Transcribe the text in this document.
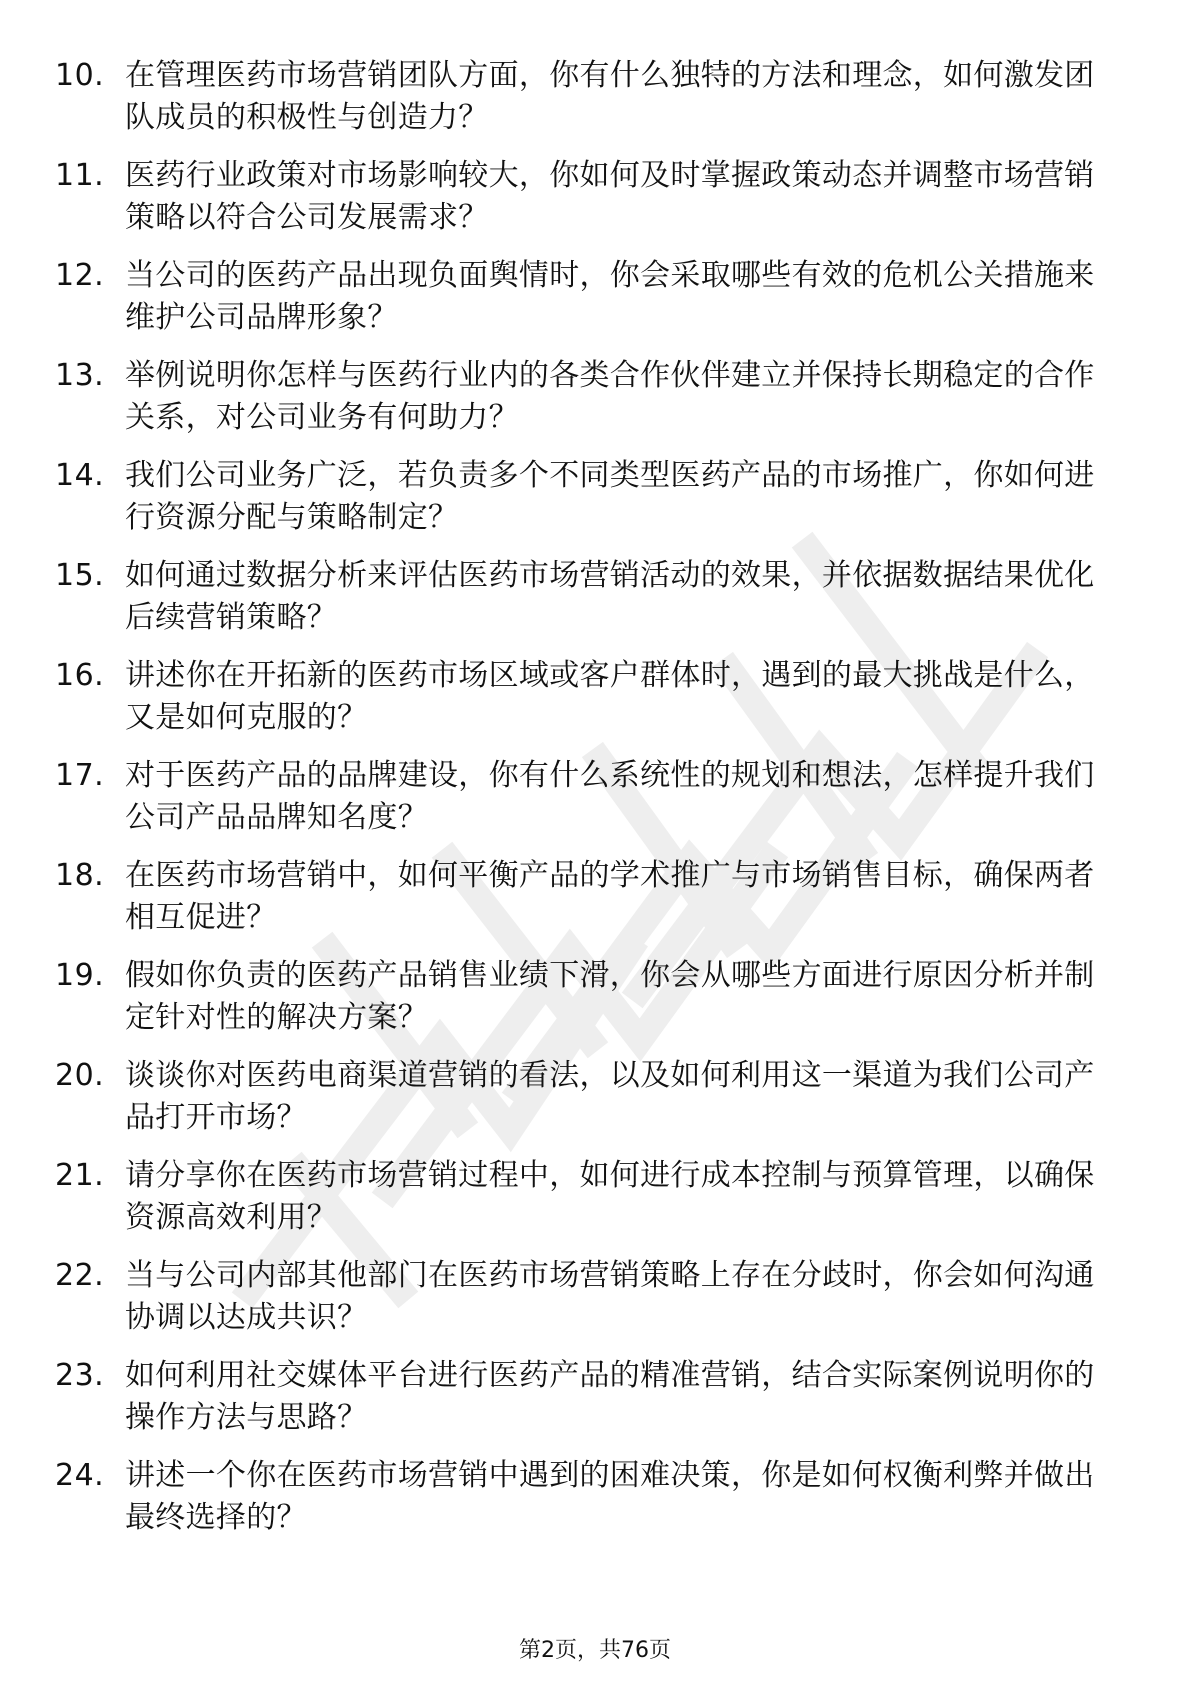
10. 在管理医药市场营销团队方面，你有什么独特的方法和理念，如何激发团队成员的积极性与创造力？
11. 医药行业政策对市场影响较大，你如何及时掌握政策动态并调整市场营销策略以符合公司发展需求？
12. 当公司的医药产品出现负面舆情时，你会采取哪些有效的危机公关措施来维护公司品牌形象？
13. 举例说明你怎样与医药行业内的各类合作伙伴建立并保持长期稳定的合作关系，对公司业务有何助力？
14. 我们公司业务广泛，若负责多个不同类型医药产品的市场推广，你如何进行资源分配与策略制定？
15. 如何通过数据分析来评估医药市场营销活动的效果，并依据数据结果优化后续营销策略？
16. 讲述你在开拓新的医药市场区域或客户群体时，遇到的最大挑战是什么，又是如何克服的？
17. 对于医药产品的品牌建设，你有什么系统性的规划和想法，怎样提升我们公司产品品牌知名度？
18. 在医药市场营销中，如何平衡产品的学术推广与市场销售目标，确保两者相互促进？
19. 假如你负责的医药产品销售业绩下滑，你会从哪些方面进行原因分析并制定针对性的解决方案？
20. 谈谈你对医药电商渠道营销的看法，以及如何利用这一渠道为我们公司产品打开市场？
21. 请分享你在医药市场营销过程中，如何进行成本控制与预算管理，以确保资源高效利用？
22. 当与公司内部其他部门在医药市场营销策略上存在分歧时，你会如何沟通协调以达成共识？
23. 如何利用社交媒体平台进行医药产品的精准营销，结合实际案例说明你的操作方法与思路？
24. 讲述一个你在医药市场营销中遇到的困难决策，你是如何权衡利弊并做出最终选择的？
第2页，共76页
